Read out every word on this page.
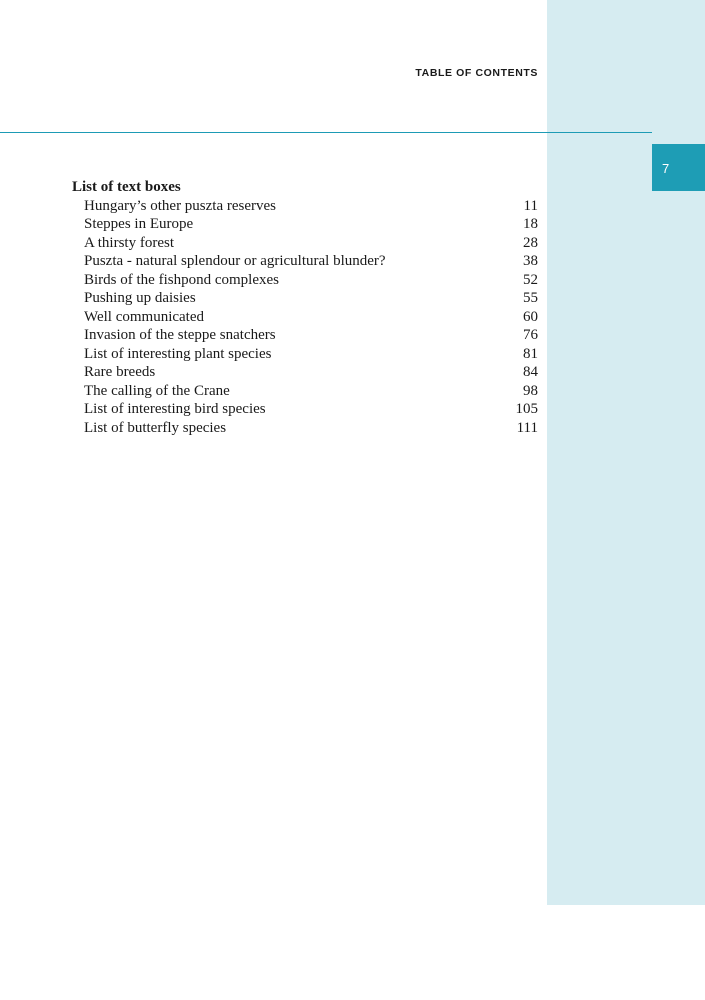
TABLE OF CONTENTS
7
List of text boxes
Hungary’s other puszta reserves	11
Steppes in Europe	18
A thirsty forest	28
Puszta - natural splendour or agricultural blunder?	38
Birds of the fishpond complexes	52
Pushing up daisies	55
Well communicated	60
Invasion of the steppe snatchers	76
List of interesting plant species	81
Rare breeds	84
The calling of the Crane	98
List of interesting bird species	105
List of butterfly species	111
